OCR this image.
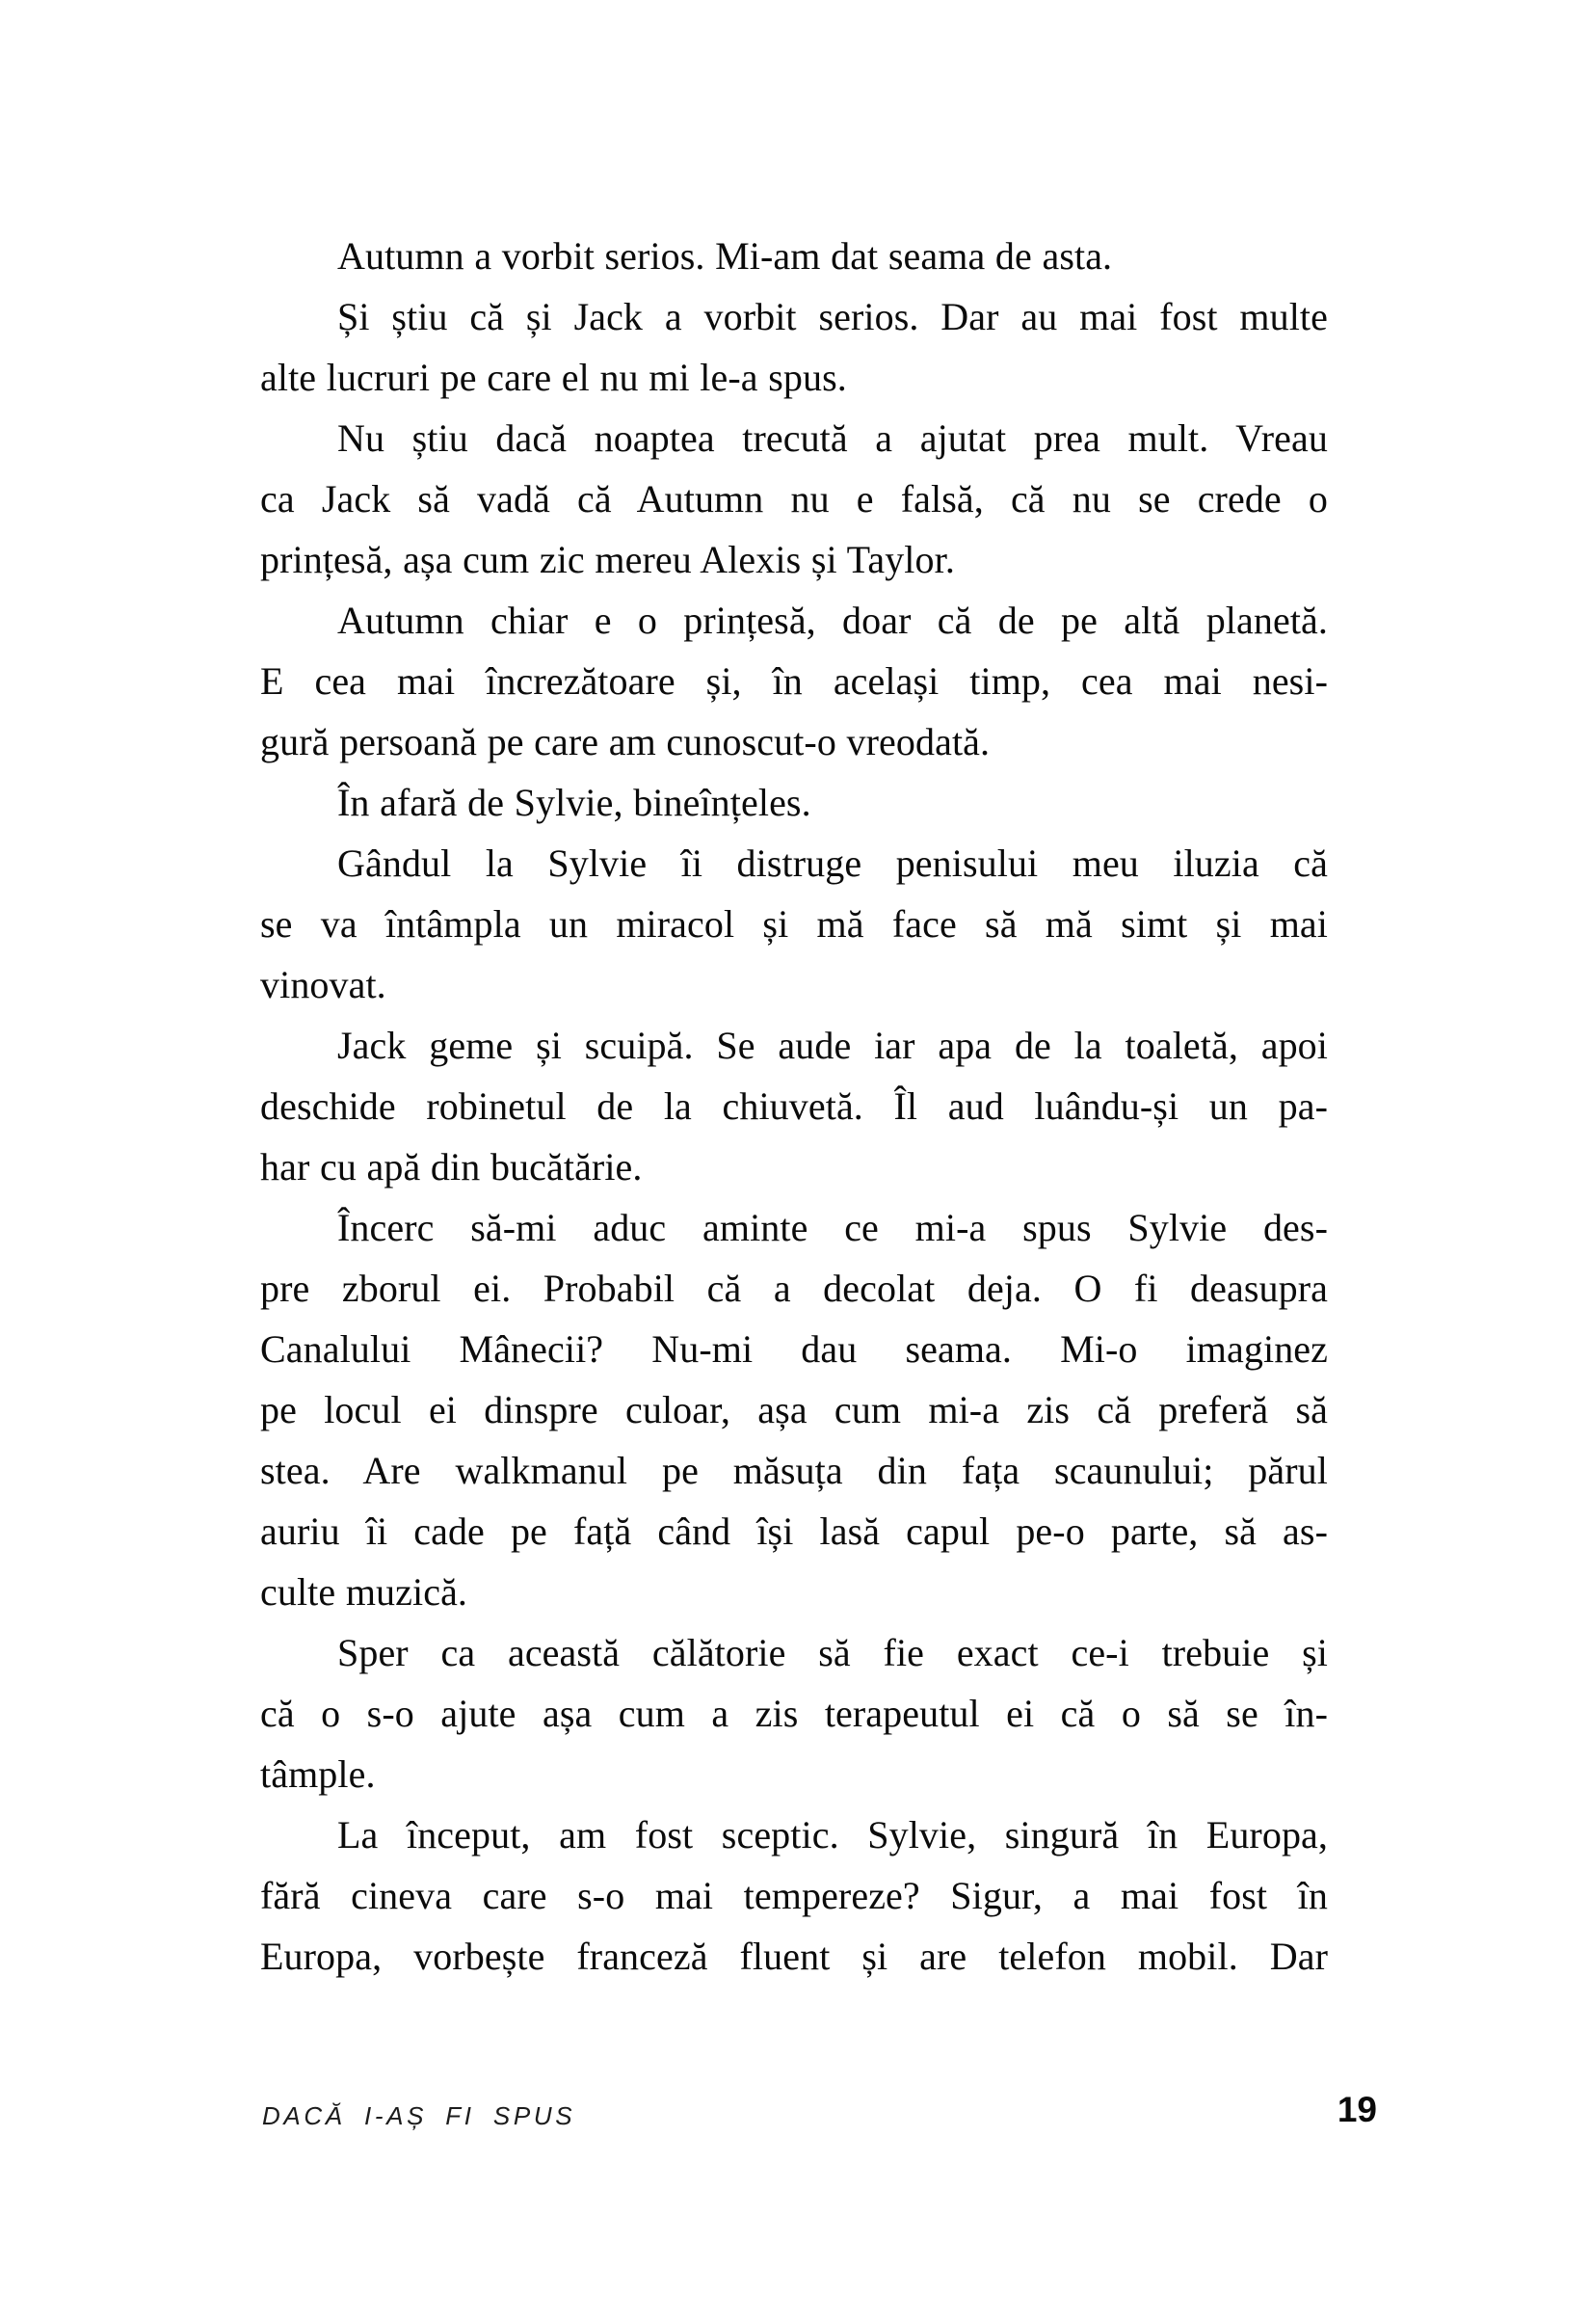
Autumn a vorbit serios. Mi-am dat seama de asta.
Și știu că și Jack a vorbit serios. Dar au mai fost multe
alte lucruri pe care el nu mi le-a spus.
Nu știu dacă noaptea trecută a ajutat prea mult. Vreau
ca Jack să vadă că Autumn nu e falsă, că nu se crede o
prințesă, așa cum zic mereu Alexis și Taylor.
Autumn chiar e o prințesă, doar că de pe altă planetă.
E cea mai încrezătoare și, în același timp, cea mai nesi-
gură persoană pe care am cunoscut-o vreodată.
În afară de Sylvie, bineînțeles.
Gândul la Sylvie îi distruge penisului meu iluzia că
se va întâmpla un miracol și mă face să mă simt și mai
vinovat.
Jack geme și scuipă. Se aude iar apa de la toaletă, apoi
deschide robinetul de la chiuvetă. Îl aud luându-și un pa-
har cu apă din bucătărie.
Încerc să-mi aduc aminte ce mi-a spus Sylvie des-
pre zborul ei. Probabil că a decolat deja. O fi deasupra
Canalului Mânecii? Nu-mi dau seama. Mi-o imaginez
pe locul ei dinspre culoar, așa cum mi-a zis că preferă să
stea. Are walkmanul pe măsuța din fața scaunului; părul
auriu îi cade pe față când își lasă capul pe-o parte, să as-
culte muzică.
Sper ca această călătorie să fie exact ce-i trebuie și
că o s-o ajute așa cum a zis terapeutul ei că o să se în-
tâmple.
La început, am fost sceptic. Sylvie, singură în Europa,
fără cineva care s-o mai tempereze? Sigur, a mai fost în
Europa, vorbește franceză fluent și are telefon mobil. Dar
DACĂ I-AȘ FI SPUS	19
